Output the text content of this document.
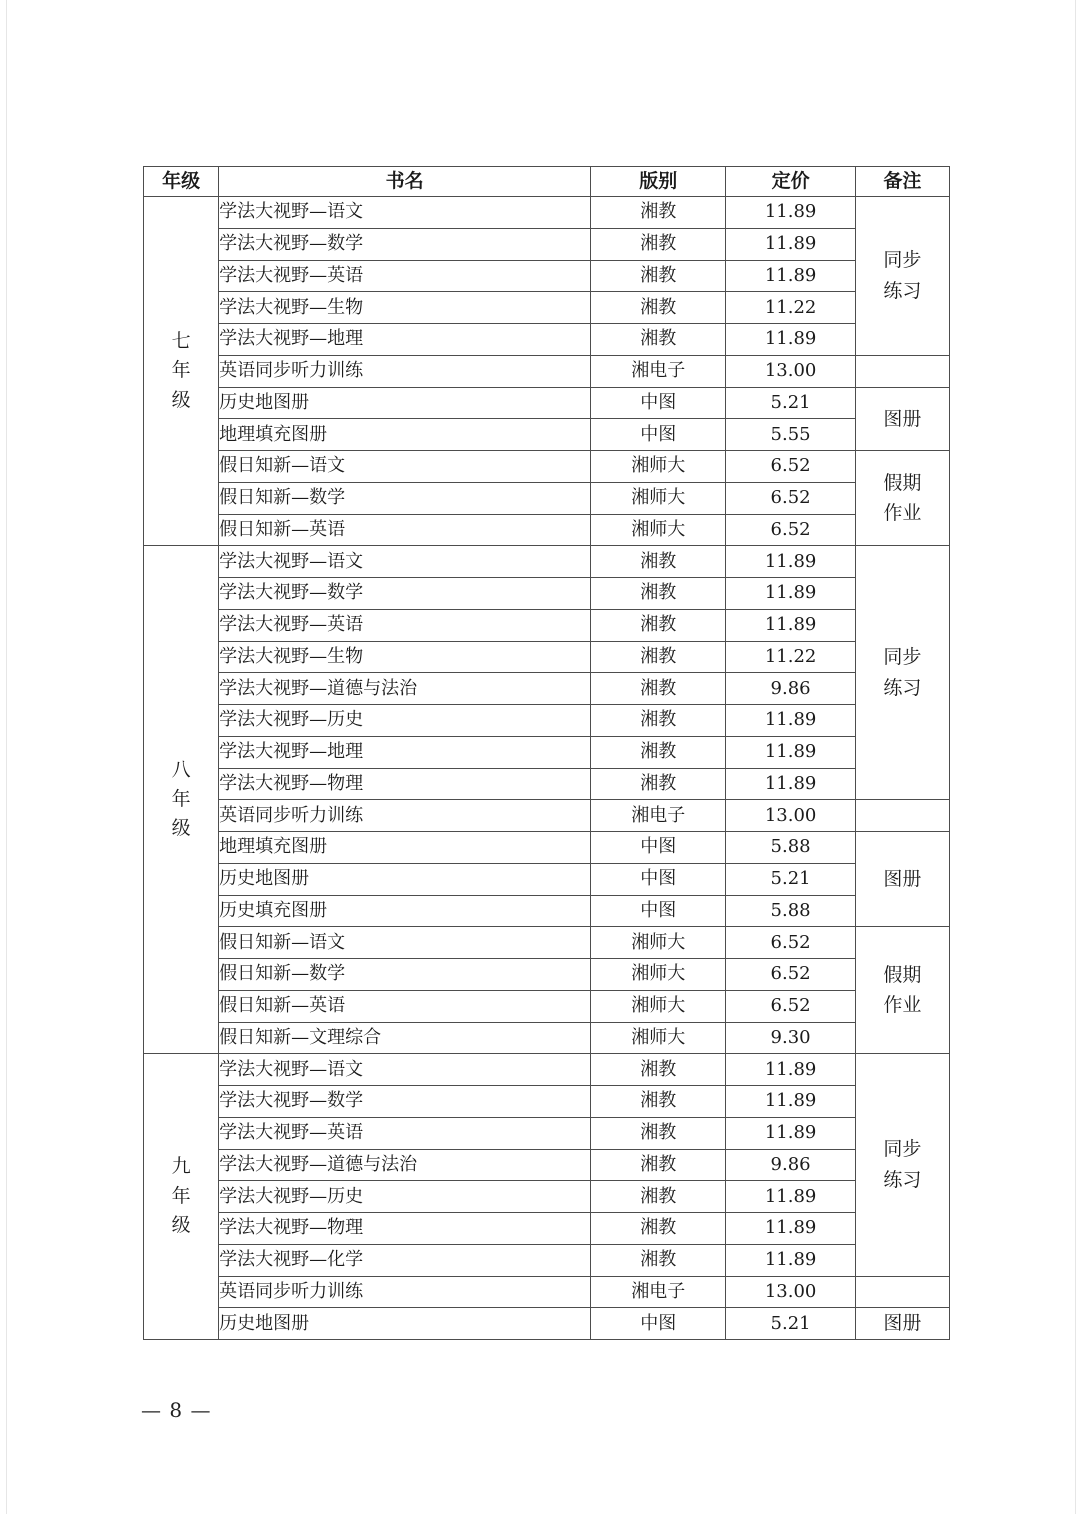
年级	书名	版别	定价	备注
七年级	学法大视野—语文	湘教	11.89	同步练习
	学法大视野—数学	湘教	11.89	
	学法大视野—英语	湘教	11.89	
	学法大视野—生物	湘教	11.22	
	学法大视野—地理	湘教	11.89	
	英语同步听力训练	湘电子	13.00	
	历史地图册	中图	5.21	图册
	地理填充图册	中图	5.55	
	假日知新—语文	湘师大	6.52	假期作业
	假日知新—数学	湘师大	6.52	
	假日知新—英语	湘师大	6.52	
八年级	学法大视野—语文	湘教	11.89	同步练习
	学法大视野—数学	湘教	11.89	
	学法大视野—英语	湘教	11.89	
	学法大视野—生物	湘教	11.22	
	学法大视野—道德与法治	湘教	9.86	
	学法大视野—历史	湘教	11.89	
	学法大视野—地理	湘教	11.89	
	学法大视野—物理	湘教	11.89	
	英语同步听力训练	湘电子	13.00	
	地理填充图册	中图	5.88	图册
	历史地图册	中图	5.21	
	历史填充图册	中图	5.88	
	假日知新—语文	湘师大	6.52	假期作业
	假日知新—数学	湘师大	6.52	
	假日知新—英语	湘师大	6.52	
	假日知新—文理综合	湘师大	9.30	
九年级	学法大视野—语文	湘教	11.89	同步练习
	学法大视野—数学	湘教	11.89	
	学法大视野—英语	湘教	11.89	
	学法大视野—道德与法治	湘教	9.86	
	学法大视野—历史	湘教	11.89	
	学法大视野—物理	湘教	11.89	
	学法大视野—化学	湘教	11.89	
	英语同步听力训练	湘电子	13.00	
	历史地图册	中图	5.21	图册
— 8 —
